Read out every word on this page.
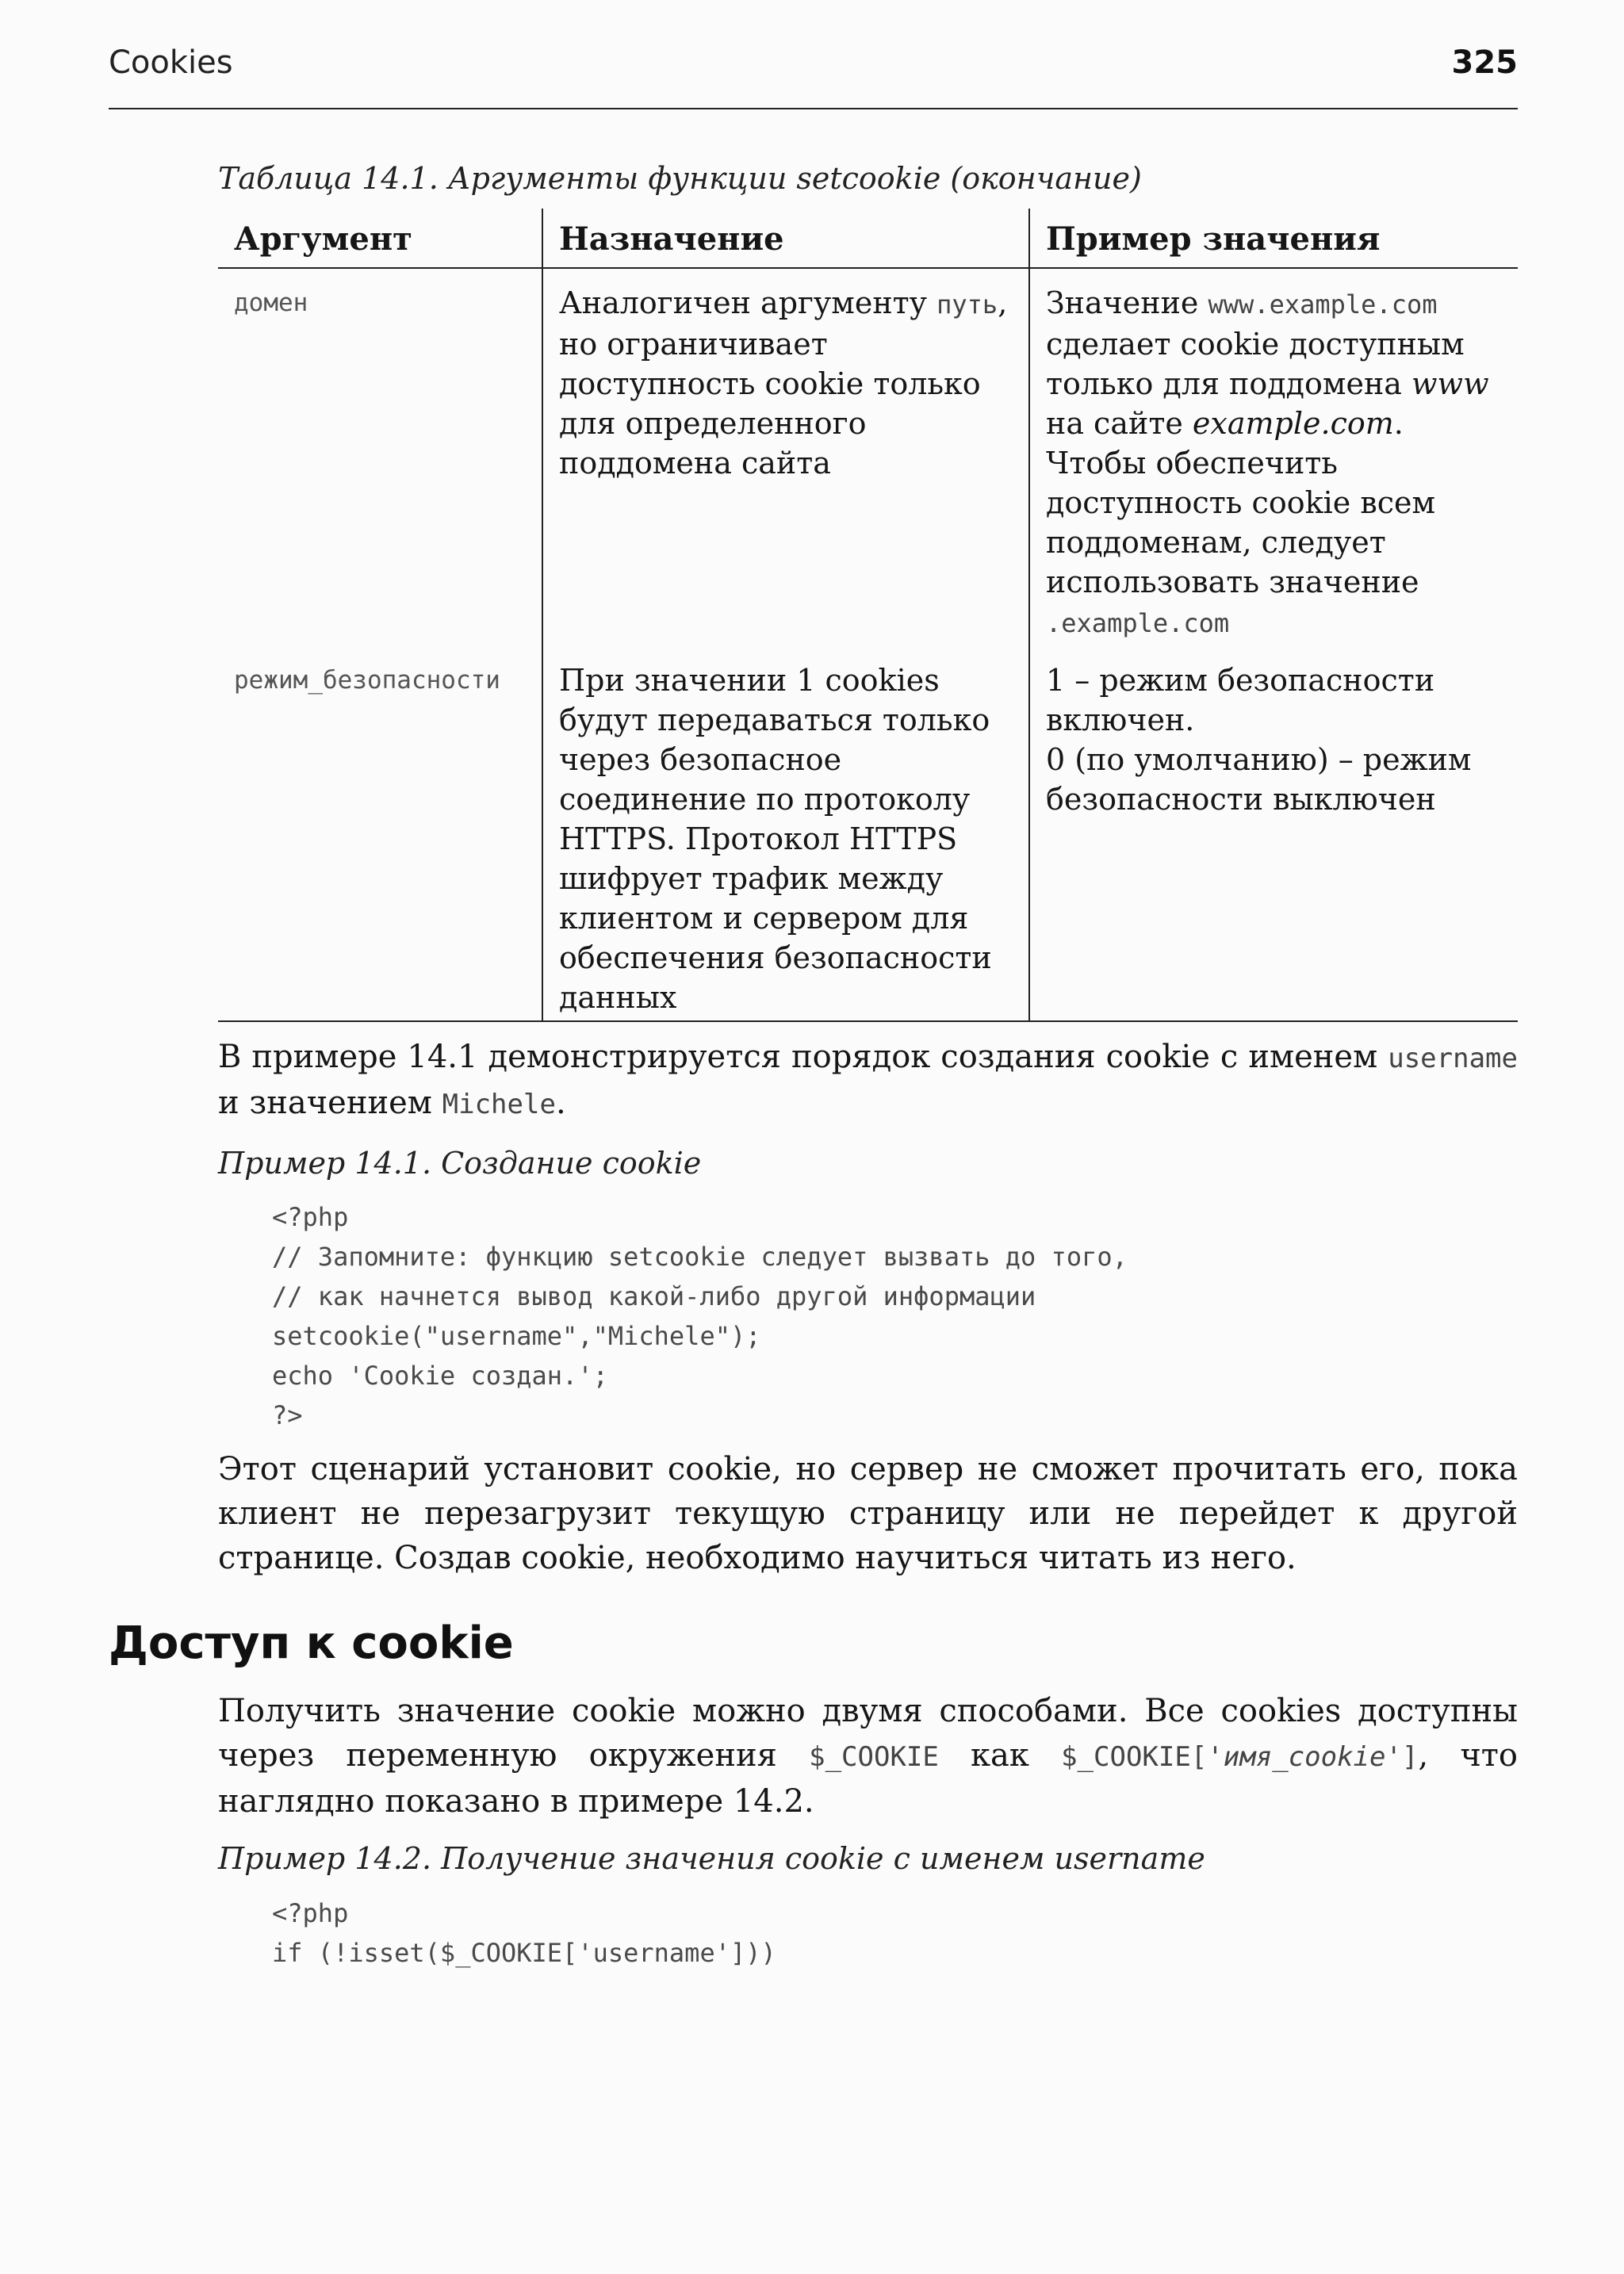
Cookies	325
Таблица 14.1. Аргументы функции setcookie (окончание)
Аргумент	Назначение	Пример значения

домен	Аналогичен аргументу путь, но ограничивает доступность cookie только для определенного поддомена сайта	Значение www.example.com сделает cookie доступным только для поддомена www на сайте example.com. Чтобы обеспечить доступность cookie всем поддоменам, следует использовать значение .example.com

режим_безопасности	При значении 1 cookies будут передаваться только через безопасное соединение по протоколу HTTPS. Протокол HTTPS шифрует трафик между клиентом и сервером для обеспечения безопасности данных	1 – режим безопасности включен.
0 (по умолчанию) – режим безопасности выключен
В примере 14.1 демонстрируется порядок создания cookie с именем username и значением Michele.
Пример 14.1. Создание cookie
<?php
// Запомните: функцию setcookie следует вызвать до того,
// как начнется вывод какой-либо другой информации
setcookie("username","Michele");
echo 'Cookie создан.';
?>
Этот сценарий установит cookie, но сервер не сможет прочитать его, пока клиент не перезагрузит текущую страницу или не перейдет к другой странице. Создав cookie, необходимо научиться читать из него.
Доступ к cookie
Получить значение cookie можно двумя способами. Все cookies доступны через переменную окружения $_COOKIE как $_COOKIE['имя_cookie'], что наглядно показано в примере 14.2.
Пример 14.2. Получение значения cookie с именем username
<?php
if (!isset($_COOKIE['username']))
